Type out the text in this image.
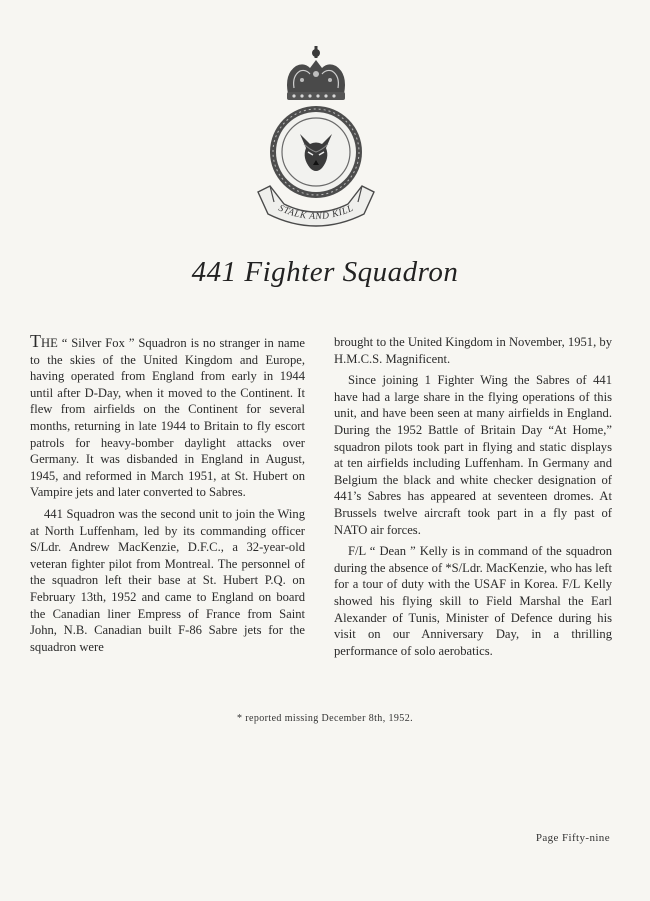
STALK AND KILL
441 Fighter Squadron

THE “ Silver Fox ” Squadron is no stranger in name to the skies of the United Kingdom and Europe, having operated from England from early in 1944 until after D-Day, when it moved to the Continent. It flew from airfields on the Continent for several months, returning in late 1944 to Britain to fly escort patrols for heavy-bomber daylight attacks over Germany. It was disbanded in England in August, 1945, and reformed in March 1951, at St. Hubert on Vampire jets and later converted to Sabres.

441 Squadron was the second unit to join the Wing at North Luffenham, led by its commanding officer S/Ldr. Andrew MacKenzie, D.F.C., a 32-year-old veteran fighter pilot from Montreal. The personnel of the squadron left their base at St. Hubert P.Q. on February 13th, 1952 and came to England on board the Canadian liner Empress of France from Saint John, N.B. Canadian built F-86 Sabre jets for the squadron were

brought to the United Kingdom in November, 1951, by H.M.C.S. Magnificent.

Since joining 1 Fighter Wing the Sabres of 441 have had a large share in the flying operations of this unit, and have been seen at many airfields in England. During the 1952 Battle of Britain Day “At Home,” squadron pilots took part in flying and static displays at ten airfields including Luffenham. In Germany and Belgium the black and white checker designation of 441’s Sabres has appeared at seventeen dromes. At Brussels twelve aircraft took part in a fly past of NATO air forces.

F/L “ Dean ” Kelly is in command of the squadron during the absence of *S/Ldr. MacKenzie, who has left for a tour of duty with the USAF in Korea. F/L Kelly showed his flying skill to Field Marshal the Earl Alexander of Tunis, Minister of Defence during his visit on our Anniversary Day, in a thrilling performance of solo aerobatics.

* reported missing December 8th, 1952.
Page Fifty-nine
